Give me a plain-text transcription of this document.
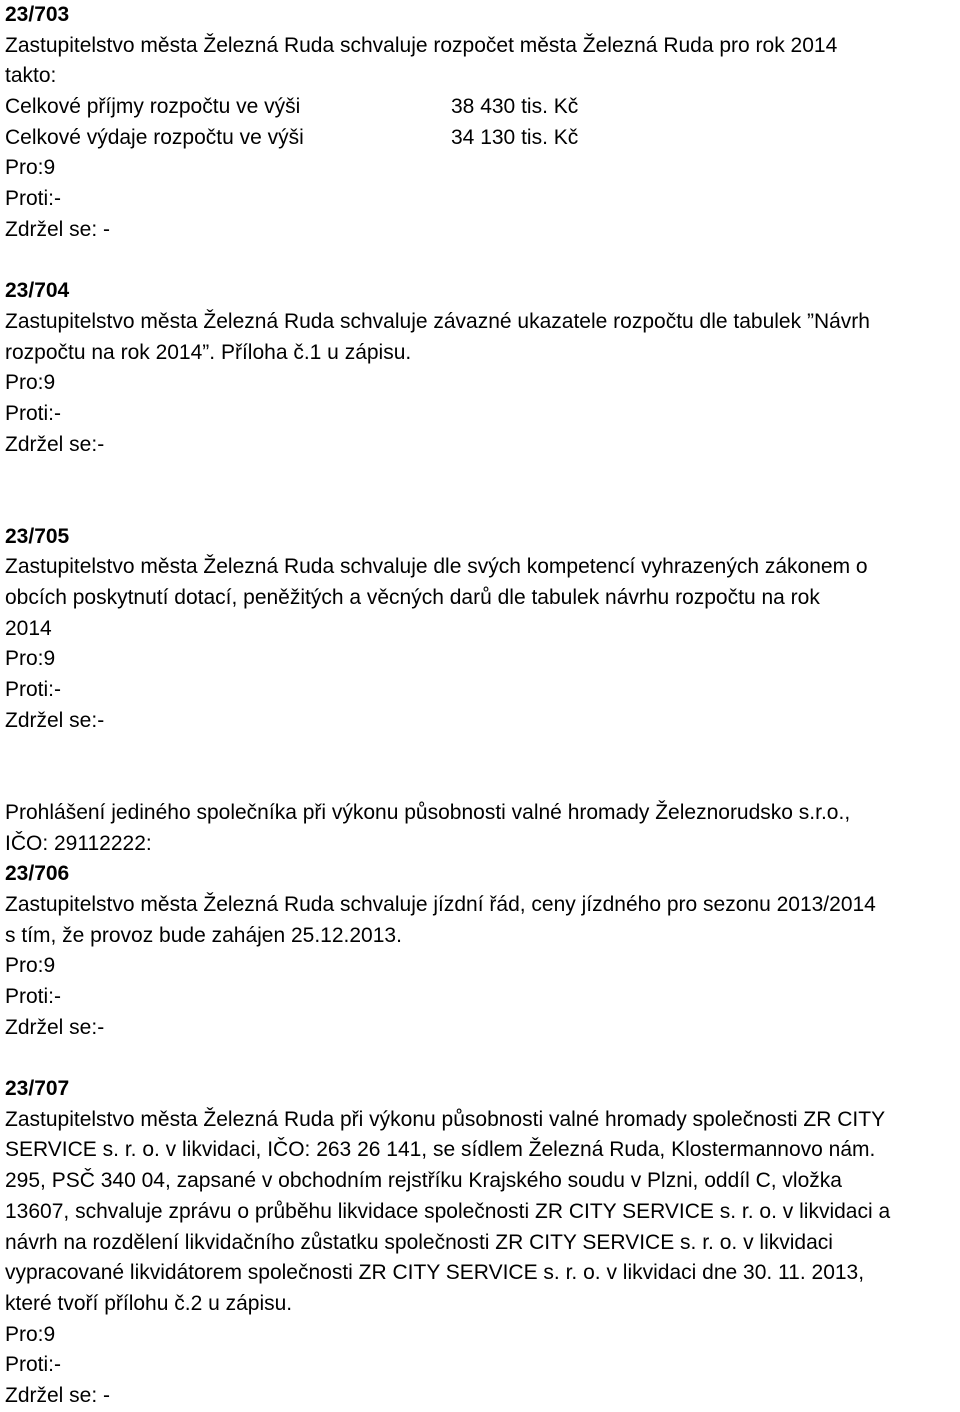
23/703
Zastupitelstvo města Železná Ruda schvaluje rozpočet města Železná Ruda pro rok 2014
takto:
Celkové příjmy rozpočtu ve výši	38 430 tis. Kč
Celkové výdaje rozpočtu ve výši	34 130 tis. Kč
Pro:9
Proti:-
Zdržel se: -
23/704
Zastupitelstvo města Železná Ruda schvaluje závazné ukazatele rozpočtu dle tabulek ”Návrh
rozpočtu na rok 2014”. Příloha č.1 u zápisu.
Pro:9
Proti:-
Zdržel se:-
23/705
Zastupitelstvo města Železná Ruda schvaluje dle svých kompetencí vyhrazených zákonem o
obcích poskytnutí dotací, peněžitých a věcných darů dle tabulek návrhu rozpočtu na rok
2014
Pro:9
Proti:-
Zdržel se:-
Prohlášení jediného společníka při výkonu působnosti valné hromady Železnorudsko s.r.o.,
IČO: 29112222:
23/706
Zastupitelstvo města Železná Ruda schvaluje jízdní řád, ceny jízdného pro sezonu 2013/2014
s tím, že provoz bude zahájen 25.12.2013.
Pro:9
Proti:-
Zdržel se:-
23/707
Zastupitelstvo města Železná Ruda při výkonu působnosti valné hromady společnosti ZR CITY
SERVICE s. r. o. v likvidaci, IČO: 263 26 141, se sídlem Železná Ruda, Klostermannovo nám.
295, PSČ 340 04, zapsané v obchodním rejstříku Krajského soudu v Plzni, oddíl C, vložka
13607, schvaluje zprávu o průběhu likvidace společnosti ZR CITY SERVICE s. r. o. v likvidaci a
návrh na rozdělení likvidačního zůstatku společnosti ZR CITY SERVICE s. r. o. v likvidaci
vypracované likvidátorem společnosti ZR CITY SERVICE s. r. o. v likvidaci dne 30. 11. 2013,
které tvoří přílohu č.2 u zápisu.
Pro:9
Proti:-
Zdržel se: -
